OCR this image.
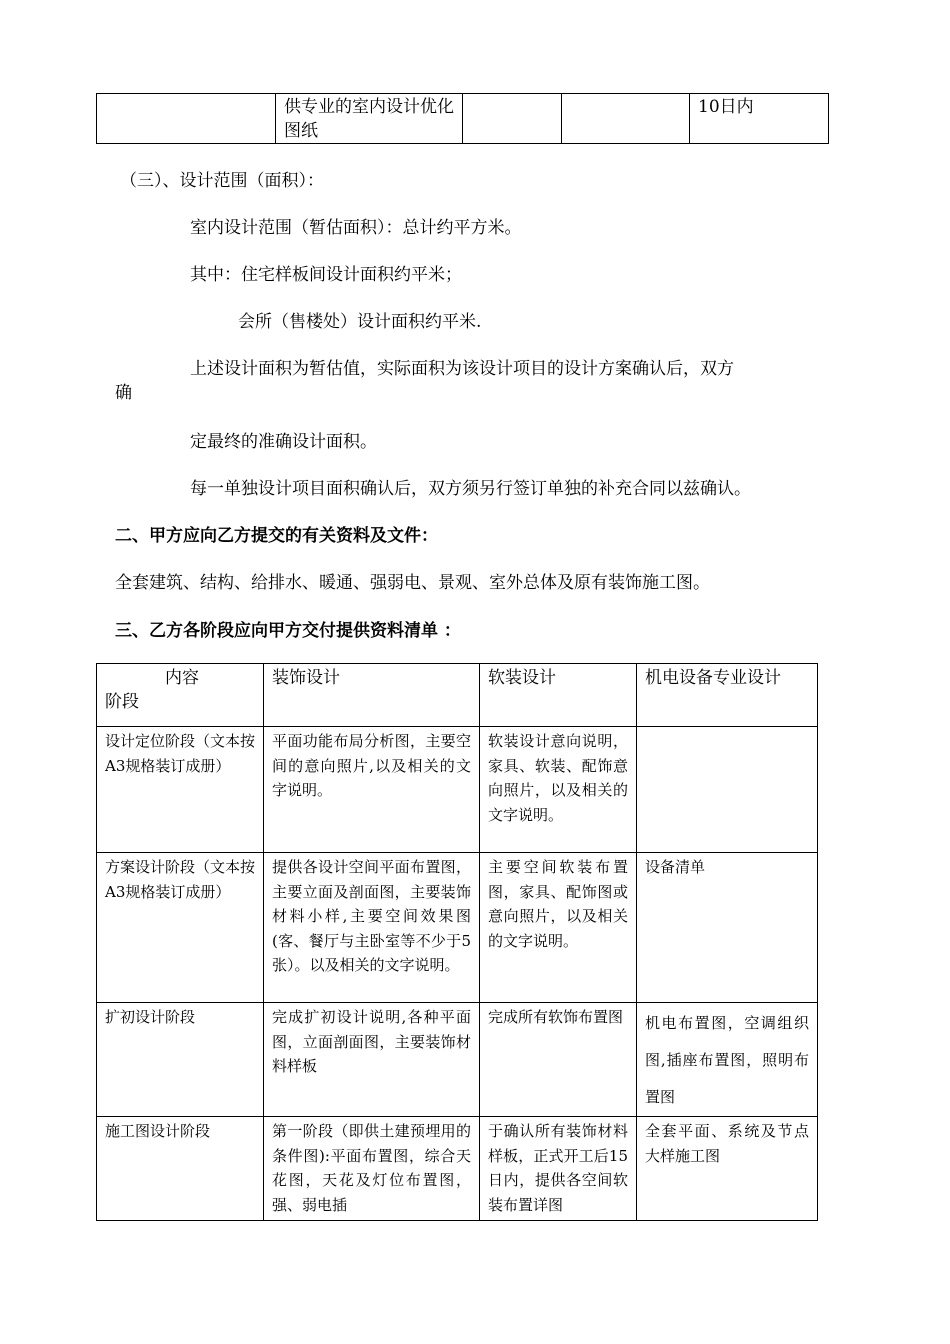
	供专业的室内设计优化图纸			10日内
（三）、设计范围（面积）：
室内设计范围（暂估面积）：总计约平方米。
其中：住宅样板间设计面积约平米；
会所（售楼处）设计面积约平米.
上述设计面积为暂估值，实际面积为该设计项目的设计方案确认后，双方
确
定最终的准确设计面积。
每一单独设计项目面积确认后，双方须另行签订单独的补充合同以兹确认。
二、甲方应向乙方提交的有关资料及文件：
全套建筑、结构、给排水、暖通、强弱电、景观、室外总体及原有装饰施工图。
三、乙方各阶段应向甲方交付提供资料清单 ：
内容
阶段	装饰设计	软装设计	机电设备专业设计
设计定位阶段（文本按A3规格装订成册）	平面功能布局分析图，主要空间的意向照片,以及相关的文字说明。	软装设计意向说明，家具、软装、配饰意向照片，以及相关的文字说明。	
方案设计阶段（文本按A3规格装订成册）	提供各设计空间平面布置图，主要立面及剖面图，主要装饰材料小样,主要空间效果图(客、餐厅与主卧室等不少于5张）。以及相关的文字说明。	主要空间软装布置图，家具、配饰图或意向照片，以及相关的文字说明。	设备清单
扩初设计阶段	完成扩初设计说明,各种平面图，立面剖面图，主要装饰材料样板	完成所有软饰布置图	机电布置图，空调组织图,插座布置图，照明布置图
施工图设计阶段	第一阶段（即供土建预埋用的条件图):平面布置图，综合天花图，天花及灯位布置图，强、弱电插	于确认所有装饰材料样板，正式开工后15日内，提供各空间软装布置详图	全套平面、系统及节点大样施工图
